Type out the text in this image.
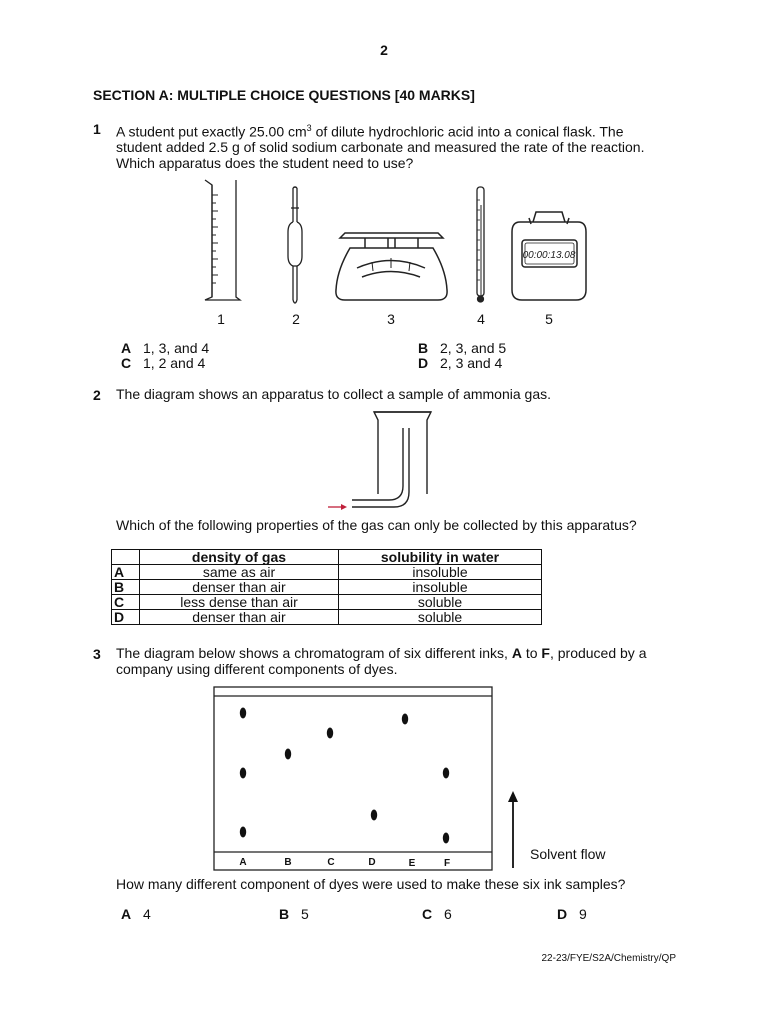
2
SECTION A: MULTIPLE CHOICE QUESTIONS [40 MARKS]
1 A student put exactly 25.00 $cm^3$ of dilute hydrochloric acid into a conical flask. The
student added 2.5 g of solid sodium carbonate and measured the rate of the reaction.
Which apparatus does the student need to use?
00:00:13.08
1	2	3	4	5
A 1, 3, and 4	B 2, 3, and 5
C 1, 2 and 4	D 2, 3 and 4
2 The diagram shows an apparatus to collect a sample of ammonia gas.
Which of the following properties of the gas can only be collected by this apparatus?
	density of gas	solubility in water
A	same as air	insoluble
B	denser than air	insoluble
C	less dense than air	soluble
D	denser than air	soluble
3 The diagram below shows a chromatogram of six different inks, A to F, produced by a
company using different components of dyes.
A	B	C	D	E	F
Solvent flow
How many different component of dyes were used to make these six ink samples?
A 4	B 5	C 6	D 9
22-23/FYE/S2A/Chemistry/QP
